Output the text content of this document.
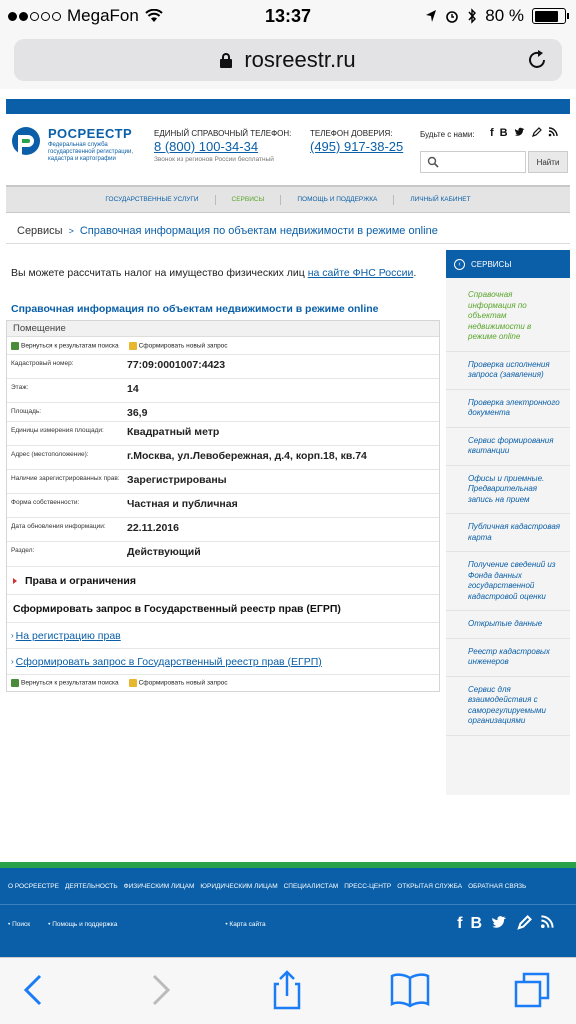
MegaFon	13:37	80 %
rosreestr.ru
РОСРЕЕСТР
Федеральная служба государственной регистрации, кадастра и картографии
ЕДИНЫЙ СПРАВОЧНЫЙ ТЕЛЕФОН:
8 (800) 100-34-34
Звонок из регионов России бесплатный
ТЕЛЕФОН ДОВЕРИЯ:
(495) 917-38-25
Будьте с нами: f B
Найти
ГОСУДАРСТВЕННЫЕ УСЛУГИ	СЕРВИСЫ	ПОМОЩЬ И ПОДДЕРЖКА	ЛИЧНЫЙ КАБИНЕТ
Сервисы > Справочная информация по объектам недвижимости в режиме online
Вы можете рассчитать налог на имущество физических лиц на сайте ФНС России.
Справочная информация по объектам недвижимости в режиме online
Помещение
Вернуться к результатам поиска	Сформировать новый запрос
Кадастровый номер:	77:09:0001007:4423
Этаж:	14
Площадь:	36,9
Единицы измерения площади:	Квадратный метр
Адрес (местоположение):	г.Москва, ул.Левобережная, д.4, корп.18, кв.74
Наличие зарегистрированных прав: Зарегистрированы
Форма собственности:	Частная и публичная
Дата обновления информации:	22.11.2016
Раздел:	Действующий
Права и ограничения
Сформировать запрос в Государственный реестр прав (ЕГРП)
› На регистрацию прав
› Сформировать запрос в Государственный реестр прав (ЕГРП)
Вернуться к результатам поиска	Сформировать новый запрос
‹	СЕРВИСЫ
Справочная информация по объектам недвижимости в режиме online
Проверка исполнения запроса (заявления)
Проверка электронного документа
Сервис формирования квитанции
Офисы и приемные. Предварительная запись на прием
Публичная кадастровая карта
Получение сведений из Фонда данных государственной кадастровой оценки
Открытые данные
Реестр кадастровых инженеров
Сервис для взаимодействия с саморегулируемыми организациями
О РОСРЕЕСТРЕ ДЕЯТЕЛЬНОСТЬ ФИЗИЧЕСКИМ ЛИЦАМ ЮРИДИЧЕСКИМ ЛИЦАМ СПЕЦИАЛИСТАМ ПРЕСС-ЦЕНТР ОТКРЫТАЯ СЛУЖБА ОБРАТНАЯ СВЯЗЬ
• Поиск	• Помощь и поддержка	• Карта сайта	f B
